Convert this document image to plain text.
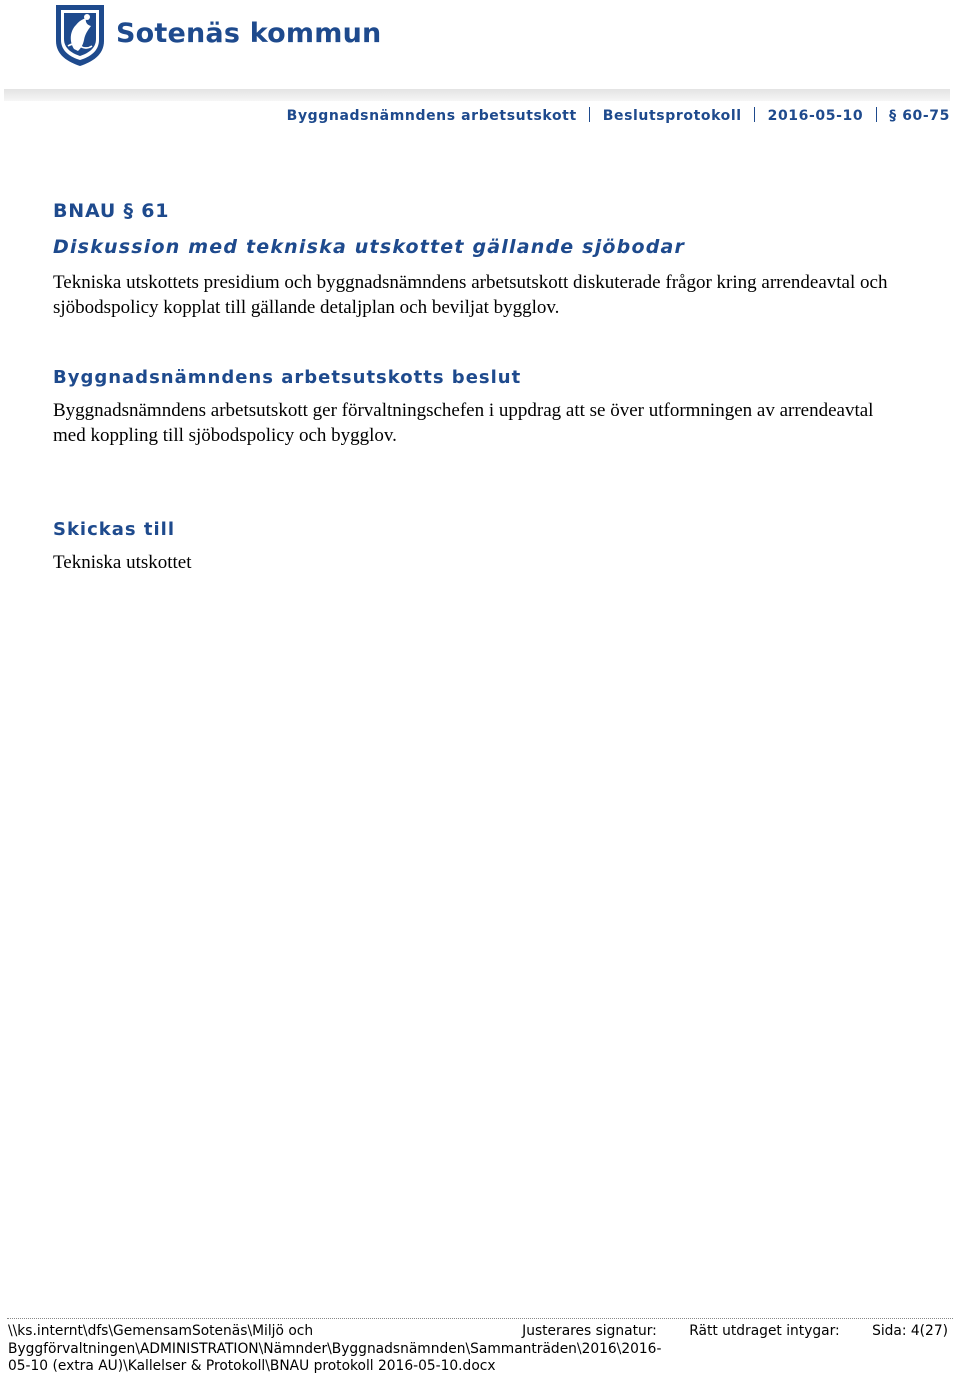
Sotenäs kommun
Byggnadsnämndens arbetsutskott Beslutsprotokoll 2016-05-10 § 60-75
BNAU § 61
Diskussion med tekniska utskottet gällande sjöbodar
Tekniska utskottets presidium och byggnadsnämndens arbetsutskott diskuterade frågor kring arrendeavtal och sjöbodspolicy kopplat till gällande detaljplan och beviljat bygglov.
Byggnadsnämndens arbetsutskotts beslut
Byggnadsnämndens arbetsutskott ger förvaltningschefen i uppdrag att se över utformningen av arrendeavtal med koppling till sjöbodspolicy och bygglov.
Skickas till
Tekniska utskottet
\\ks.internt\dfs\GemensamSotenäs\Miljö och Byggförvaltningen\ADMINISTRATION\Nämnder\Byggnadsnämnden\Sammanträden\2016\2016-05-10 (extra AU)\Kallelser & Protokoll\BNAU protokoll 2016-05-10.docx
Justerares signatur: Rätt utdraget intygar: Sida: 4(27)
